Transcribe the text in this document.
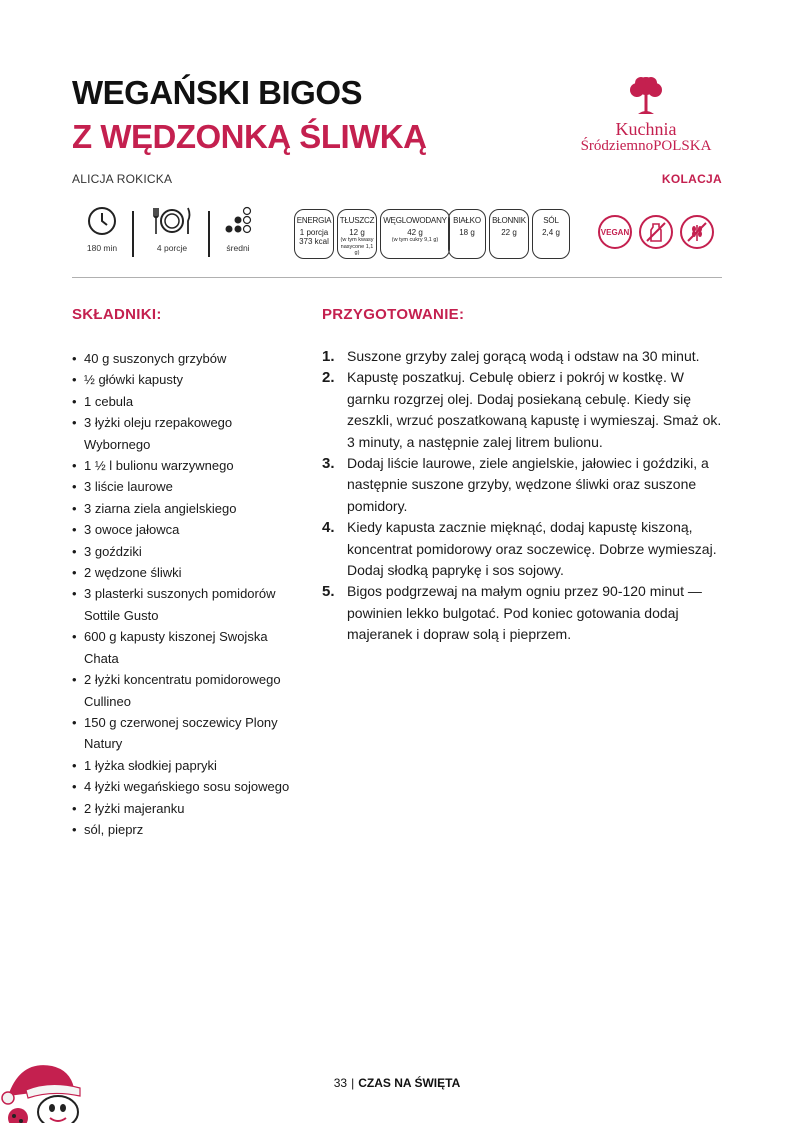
WEGAŃSKI BIGOS
Z WĘDZONKĄ ŚLIWKĄ	Kuchnia
ŚródziemnoPOLSKA
ALICJA ROKICKA	KOLACJA
180 min	4 porcje	średni
ENERGIA
1 porcja
373 kcal
TŁUSZCZ
12 g
(w tym kwasy nasycone 1,1 g)
WĘGLOWODANY
42 g
(w tym cukry 9,1 g)
BIAŁKO
18 g
BŁONNIK
22 g
SÓL
2,4 g	VEGAN
SKŁADNIKI:
• 40 g suszonych grzybów
• ½ główki kapusty
• 1 cebula
• 3 łyżki oleju rzepakowego Wybornego
• 1 ½ l bulionu warzywnego
• 3 liście laurowe
• 3 ziarna ziela angielskiego
• 3 owoce jałowca
• 3 goździki
• 2 wędzone śliwki
• 3 plasterki suszonych pomidorów Sottile Gusto
• 600 g kapusty kiszonej Swojska Chata
• 2 łyżki koncentratu pomidorowego Cullineo
• 150 g czerwonej soczewicy Plony Natury
• 1 łyżka słodkiej papryki
• 4 łyżki wegańskiego sosu sojowego
• 2 łyżki majeranku
• sól, pieprz
PRZYGOTOWANIE:
1. Suszone grzyby zalej gorącą wodą i odstaw na 30 minut.
2. Kapustę poszatkuj. Cebulę obierz i pokrój w kostkę. W garnku rozgrzej olej. Dodaj posiekaną cebulę. Kiedy się zeszkli, wrzuć poszatkowaną kapustę i wymieszaj. Smaż ok. 3 minuty, a następnie zalej litrem bulionu.
3. Dodaj liście laurowe, ziele angielskie, jałowiec i goździki, a następnie suszone grzyby, wędzone śliwki oraz suszone pomidory.
4. Kiedy kapusta zacznie mięknąć, dodaj kapustę kiszoną, koncentrat pomidorowy oraz soczewicę. Dobrze wymieszaj. Dodaj słodką paprykę i sos sojowy.
5. Bigos podgrzewaj na małym ogniu przez 90-120 minut — powinien lekko bulgotać. Pod koniec gotowania dodaj majeranek i dopraw solą i pieprzem.
33 | CZAS NA ŚWIĘTA
